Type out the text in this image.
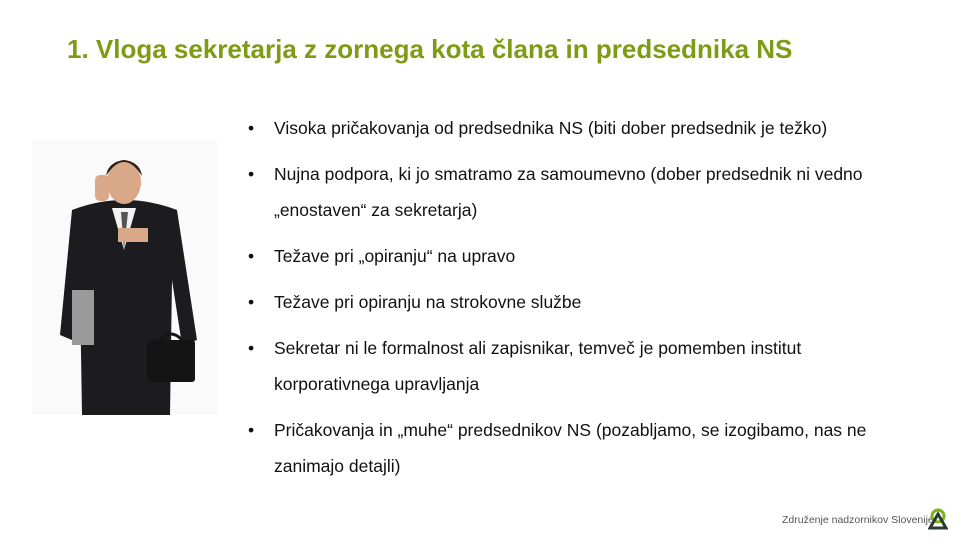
1. Vloga sekretarja z zornega kota člana in predsednika NS
• Visoka pričakovanja od predsednika NS (biti dober predsednik je težko)
• Nujna podpora, ki jo smatramo za samoumevno (dober predsednik ni vedno „enostaven“ za sekretarja)
• Težave pri „opiranju“ na upravo
• Težave pri opiranju na strokovne službe
• Sekretar ni le formalnost ali zapisnikar, temveč je pomemben institut korporativnega upravljanja
• Pričakovanja in „muhe“ predsednikov NS (pozabljamo, se izogibamo, nas ne zanimajo detajli)
Združenje nadzornikov Slovenije
